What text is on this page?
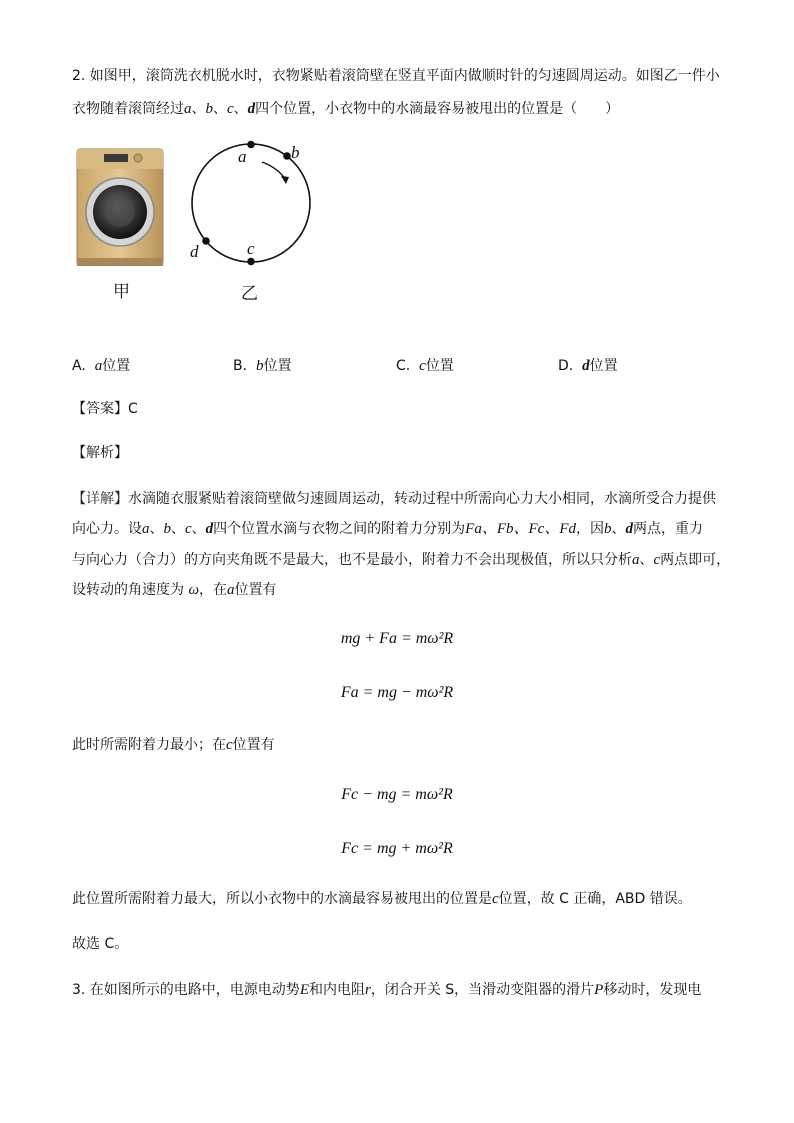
2. 如图甲，滚筒洗衣机脱水时，衣物紧贴着滚筒壁在竖直平面内做顺时针的匀速圆周运动。如图乙一件小
衣物随着滚筒经过a、b、c、d四个位置，小衣物中的水滴最容易被甩出的位置是（　　）
甲
a	b
c
d
乙
A. a位置	B. b位置	C. c位置	D. d位置
【答案】C
【解析】
【详解】水滴随衣服紧贴着滚筒壁做匀速圆周运动，转动过程中所需向心力大小相同，水滴所受合力提供
向心力。设a、b、c、d四个位置水滴与衣物之间的附着力分别为Fa、Fb、Fc、Fd，因b、d两点，重力
与向心力（合力）的方向夹角既不是最大，也不是最小，附着力不会出现极值，所以只分析a、c两点即可，
设转动的角速度为 ω，在a位置有
mg + Fa = mω²R
Fa = mg − mω²R
此时所需附着力最小；在c位置有
Fc − mg = mω²R
Fc = mg + mω²R
此位置所需附着力最大，所以小衣物中的水滴最容易被甩出的位置是c位置，故 C 正确，ABD 错误。
故选 C。
3. 在如图所示的电路中，电源电动势E和内电阻r，闭合开关 S，当滑动变阻器的滑片P移动时，发现电
